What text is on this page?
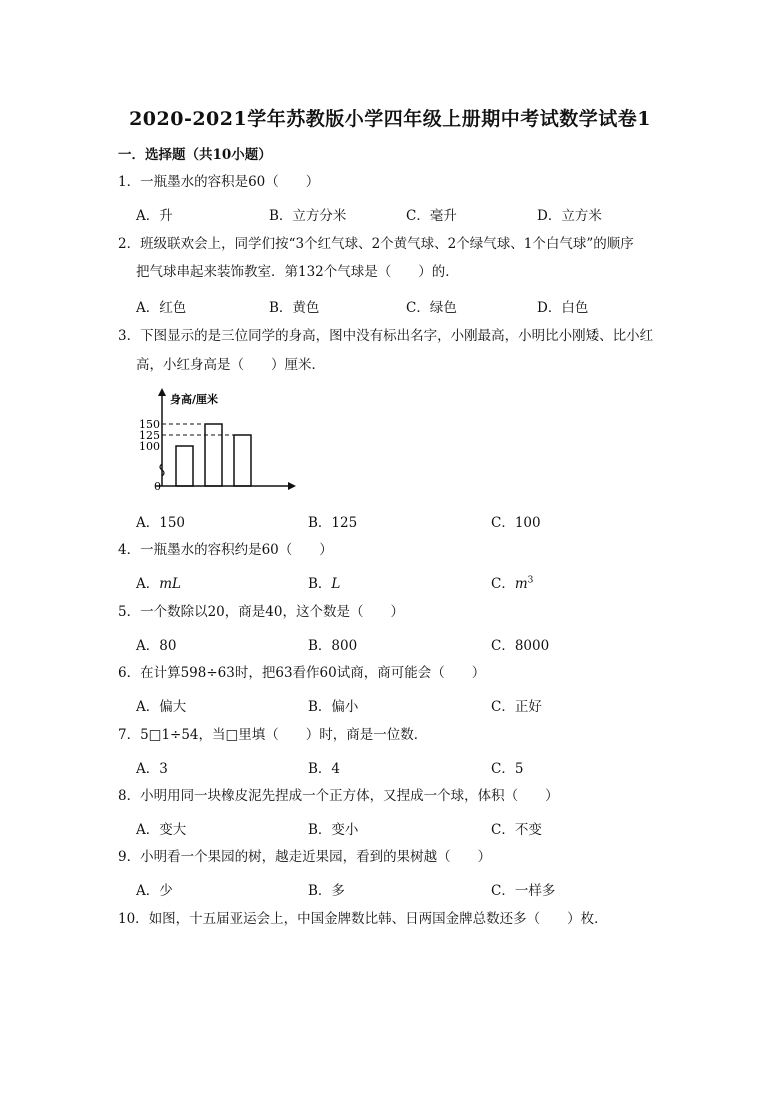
2020-2021学年苏教版小学四年级上册期中考试数学试卷1
一．选择题（共10小题）
1．一瓶墨水的容积是60（　　）
A．升	B．立方分米	C．毫升	D．立方米
2．班级联欢会上，同学们按“3个红气球、2个黄气球、2个绿气球、1个白气球”的顺序
把气球串起来装饰教室．第132个气球是（　　）的．
A．红色	B．黄色	C．绿色	D．白色
3．下图显示的是三位同学的身高，图中没有标出名字，小刚最高，小明比小刚矮、比小红
高，小红身高是（　　）厘米．
身高/厘米
150
125
100
0
A．150	B．125	C．100
4．一瓶墨水的容积约是60（　　）
A．mL	B．L	C．$m^3$
5．一个数除以20，商是40，这个数是（　　）
A．80	B．800	C．8000
6．在计算598÷63时，把63看作60试商，商可能会（　　）
A．偏大	B．偏小	C．正好
7．5□1÷54，当□里填（　　）时，商是一位数．
A．3	B．4	C．5
8．小明用同一块橡皮泥先捏成一个正方体，又捏成一个球，体积（　　）
A．变大	B．变小	C．不变
9．小明看一个果园的树，越走近果园，看到的果树越（　　）
A．少	B．多	C．一样多
10．如图，十五届亚运会上，中国金牌数比韩、日两国金牌总数还多（　　）枚．
